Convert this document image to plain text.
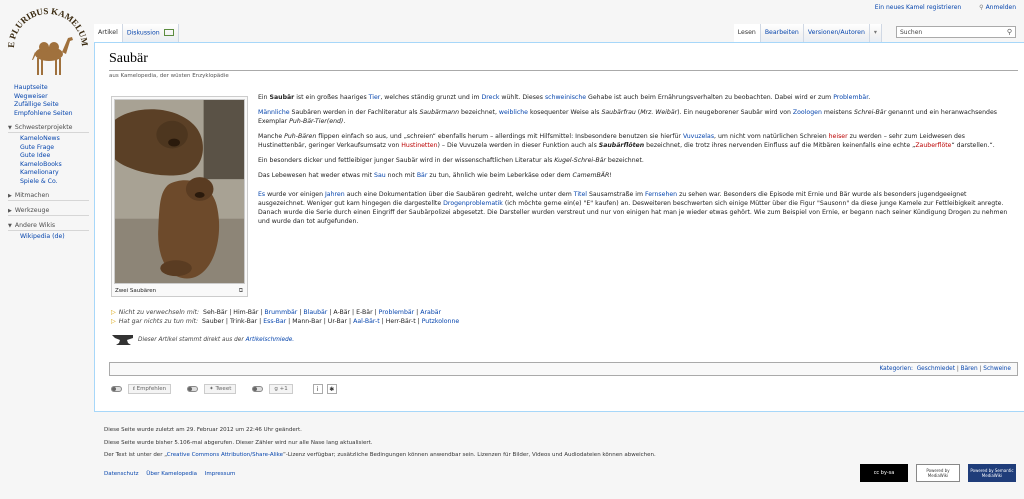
E PLURIBUS KAMELUM
Ein neues Kamel registrieren	⚲ Anmelden
Hauptseite
Wegweiser
Zufällige Seite
Empfohlene Seiten
▼ Schwesterprojekte
KameloNews
Gute Frage
Gute Idee
KameloBooks
Kamelionary
Spiele & Co.
▶ Mitmachen
▶ Werkzeuge
▼ Andere Wikis
Wikipedia (de)
Artikel	Diskussion	Lesen	Bearbeiten	Versionen/Autoren	▾	Suchen	⚲
Saubär
aus Kamelopedia, der wüsten Enzyklopädie
Zwei Saubären	⧉

Ein Saubär ist ein großes haariges Tier, welches ständig grunzt und im Dreck wühlt. Dieses schweinische Gehabe ist auch beim Ernährungsverhalten zu beobachten. Dabei wird er zum Problembär.

Männliche Saubären werden in der Fachliteratur als Saubärmann bezeichnet, weibliche kosequenter Weise als Saubärfrau (Mrz. Weibär). Ein neugeborener Saubär wird von Zoologen meistens Schrei-Bär genannt und ein heranwachsendes Exemplar Puh-Bär-Tier(end).

Manche Puh-Bären flippen einfach so aus, und „schreien“ ebenfalls herum – allerdings mit Hilfsmittel: Insbesondere benutzen sie hierfür Vuvuzelas, um nicht vom natürlichen Schreien heiser zu werden – sehr zum Leidwesen des Hustinettenbär, geringer Verkaufsumsatz von Hustinetten) – Die Vuvuzela werden in dieser Funktion auch als Saubärflöten bezeichnet, die trotz ihres nervenden Einfluss auf die Mitbären keinenfalls eine echte „Zauberflöte“ darstellen.“.

Ein besonders dicker und fettleibiger junger Saubär wird in der wissenschaftlichen Literatur als Kugel-Schrei-Bär bezeichnet.

Das Lebewesen hat weder etwas mit Sau noch mit Bär zu tun, ähnlich wie beim Leberkäse oder dem CamemBÄR!

Es wurde vor einigen Jahren auch eine Dokumentation über die Saubären gedreht, welche unter dem Titel Sausamstraße im Fernsehen zu sehen war. Besonders die Episode mit Ernie und Bär wurde als besonders jugendgeeignet ausgezeichnet. Weniger gut kam hingegen die dargestellte Drogenproblematik (ich möchte gerne ein(e) "E" kaufen) an. Desweiteren beschwerten sich einige Mütter über die Figur "Sausonn" da diese junge Kamele zur Fettleibigkeit anregte. Danach wurde die Serie durch einen Eingriff der Saubärpolizei abgesetzt. Die Darsteller wurden verstreut und nur von einigen hat man je wieder etwas gehört. Wie zum Beispiel von Ernie, er begann nach seiner Kündigung Drogen zu nehmen und wurde dan tot aufgefunden.

▷ Nicht zu verwechseln mit: Seh-Bär | Him-Bär | Brummbär | Blaubär | A-Bär | E-Bär | Problembär | Arabär
▷ Hat gar nichts zu tun mit: Sauber | Trink-Bar | Ess-Bar | Mann-Bar | Ur-Bar | Aal-Bär-t | Herr-Bär-t | Putzkolonne
Dieser Artikel stammt direkt aus der
Artikelschmiede.
Kategorien: Geschmiedet | Bären | Schweine
f Empfehlen	✦ Tweet	g +1	i	✱
Diese Seite wurde zuletzt am 29. Februar 2012 um 22:46 Uhr geändert.
Diese Seite wurde bisher 5.106-mal abgerufen. Dieser Zähler wird nur alle Nase lang aktualisiert.
Der Text ist unter der „Creative Commons Attribution/Share-Alike“-Lizenz verfügbar; zusätzliche Bedingungen können anwendbar sein. Lizenzen für Bilder, Videos und Audiodateien können abweichen.
Datenschutz Über Kamelopedia Impressum	cc by-sa	Powered by MediaWiki
Powered by Semantic MediaWiki
